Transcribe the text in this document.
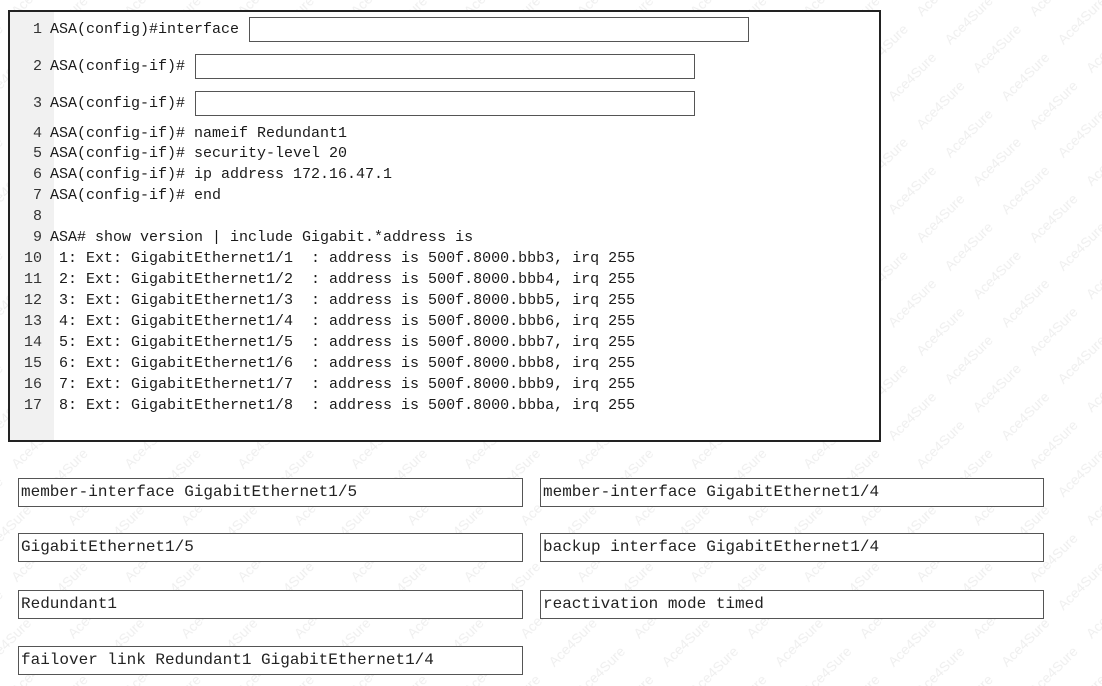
1 ASA(config)#interface
2 ASA(config-if)#
3 ASA(config-if)#
4 ASA(config-if)# nameif Redundant1
5 ASA(config-if)# security-level 20
6 ASA(config-if)# ip address 172.16.47.1
7 ASA(config-if)# end
8
9 ASA# show version | include Gigabit.*address is
10 1: Ext: GigabitEthernet1/1  : address is 500f.8000.bbb3, irq 255
11 2: Ext: GigabitEthernet1/2  : address is 500f.8000.bbb4, irq 255
12 3: Ext: GigabitEthernet1/3  : address is 500f.8000.bbb5, irq 255
13 4: Ext: GigabitEthernet1/4  : address is 500f.8000.bbb6, irq 255
14 5: Ext: GigabitEthernet1/5  : address is 500f.8000.bbb7, irq 255
15 6: Ext: GigabitEthernet1/6  : address is 500f.8000.bbb8, irq 255
16 7: Ext: GigabitEthernet1/7  : address is 500f.8000.bbb9, irq 255
17 8: Ext: GigabitEthernet1/8  : address is 500f.8000.bbba, irq 255
member-interface GigabitEthernet1/5	member-interface GigabitEthernet1/4
GigabitEthernet1/5	backup interface GigabitEthernet1/4
Redundant1	reactivation mode timed
failover link Redundant1 GigabitEthernet1/4
